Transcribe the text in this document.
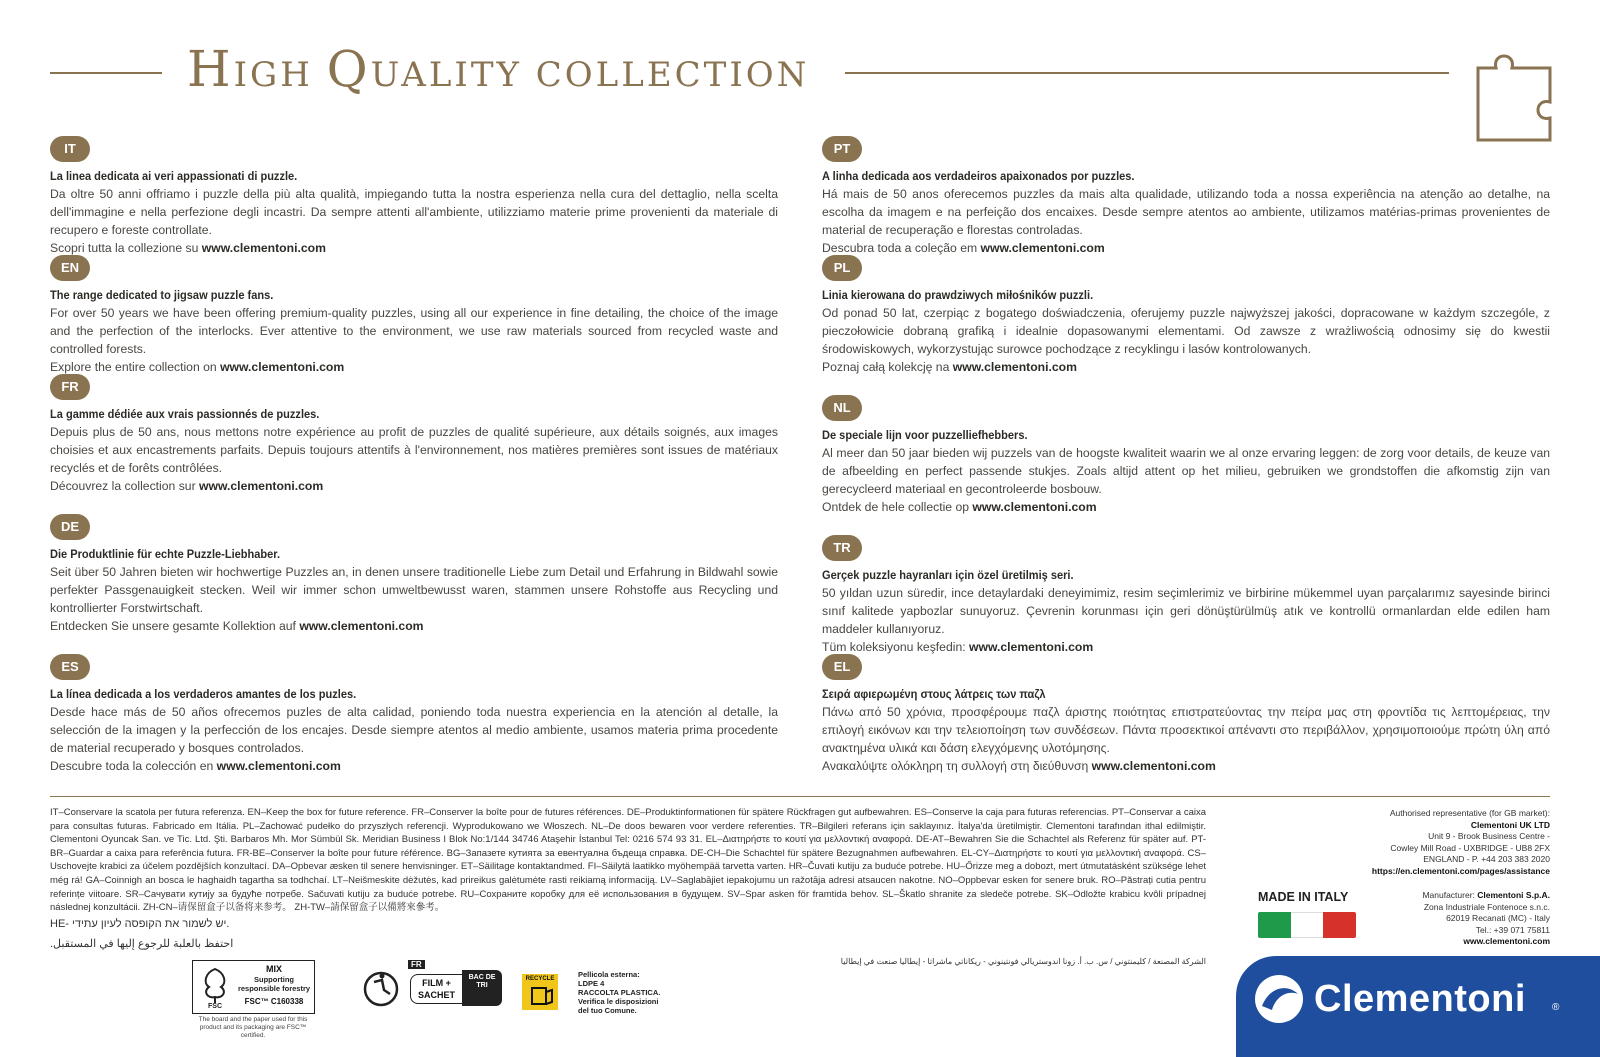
HIGH QUALITY COLLECTION
IT
La linea dedicata ai veri appassionati di puzzle.
Da oltre 50 anni offriamo i puzzle della più alta qualità, impiegando tutta la nostra esperienza nella cura del dettaglio, nella scelta dell'immagine e nella perfezione degli incastri. Da sempre attenti all'ambiente, utilizziamo materie prime provenienti da materiale di recupero e foreste controllate.
Scopri tutta la collezione su www.clementoni.com
EN
The range dedicated to jigsaw puzzle fans.
For over 50 years we have been offering premium-quality puzzles, using all our experience in fine detailing, the choice of the image and the perfection of the interlocks. Ever attentive to the environment, we use raw materials sourced from recycled waste and controlled forests.
Explore the entire collection on www.clementoni.com
FR
La gamme dédiée aux vrais passionnés de puzzles.
Depuis plus de 50 ans, nous mettons notre expérience au profit de puzzles de qualité supérieure, aux détails soignés, aux images choisies et aux encastrements parfaits. Depuis toujours attentifs à l'environnement, nos matières premières sont issues de matériaux recyclés et de forêts contrôlées.
Découvrez la collection sur www.clementoni.com
DE
Die Produktlinie für echte Puzzle-Liebhaber.
Seit über 50 Jahren bieten wir hochwertige Puzzles an, in denen unsere traditionelle Liebe zum Detail und Erfahrung in Bildwahl sowie perfekter Passgenauigkeit stecken. Weil wir immer schon umweltbewusst waren, stammen unsere Rohstoffe aus Recycling und kontrollierter Forstwirtschaft.
Entdecken Sie unsere gesamte Kollektion auf www.clementoni.com
ES
La línea dedicada a los verdaderos amantes de los puzles.
Desde hace más de 50 años ofrecemos puzles de alta calidad, poniendo toda nuestra experiencia en la atención al detalle, la selección de la imagen y la perfección de los encajes. Desde siempre atentos al medio ambiente, usamos materia prima procedente de material recuperado y bosques controlados.
Descubre toda la colección en www.clementoni.com
PT
A linha dedicada aos verdadeiros apaixonados por puzzles.
Há mais de 50 anos oferecemos puzzles da mais alta qualidade, utilizando toda a nossa experiência na atenção ao detalhe, na escolha da imagem e na perfeição dos encaixes. Desde sempre atentos ao ambiente, utilizamos matérias-primas provenientes de material de recuperação e florestas controladas.
Descubra toda a coleção em www.clementoni.com
PL
Linia kierowana do prawdziwych miłośników puzzli.
Od ponad 50 lat, czerpiąc z bogatego doświadczenia, oferujemy puzzle najwyższej jakości, dopracowane w każdym szczególe, z pieczołowicie dobraną grafiką i idealnie dopasowanymi elementami. Od zawsze z wrażliwością odnosimy się do kwestii środowiskowych, wykorzystując surowce pochodzące z recyklingu i lasów kontrolowanych.
Poznaj całą kolekcję na www.clementoni.com
NL
De speciale lijn voor puzzelliefhebbers.
Al meer dan 50 jaar bieden wij puzzels van de hoogste kwaliteit waarin we al onze ervaring leggen: de zorg voor details, de keuze van de afbeelding en perfect passende stukjes. Zoals altijd attent op het milieu, gebruiken we grondstoffen die afkomstig zijn van gerecycleerd materiaal en gecontroleerde bosbouw.
Ontdek de hele collectie op www.clementoni.com
TR
Gerçek puzzle hayranları için özel üretilmiş seri.
50 yıldan uzun süredir, ince detaylardaki deneyimimiz, resim seçimlerimiz ve birbirine mükemmel uyan parçalarımız sayesinde birinci sınıf kalitede yapbozlar sunuyoruz. Çevrenin korunması için geri dönüştürülmüş atık ve kontrollü ormanlardan elde edilen ham maddeler kullanıyoruz.
Tüm koleksiyonu keşfedin: www.clementoni.com
EL
Σειρά αφιερωμένη στους λάτρεις των παζλ
Πάνω από 50 χρόνια, προσφέρουμε παζλ άριστης ποιότητας επιστρατεύοντας την πείρα μας στη φροντίδα τις λεπτομέρειας, την επιλογή εικόνων και την τελειοποίηση των συνδέσεων. Πάντα προσεκτικοί απέναντι στο περιβάλλον, χρησιμοποιούμε πρώτη ύλη από ανακτημένα υλικά και δάση ελεγχόμενης υλοτόμησης.
Ανακαλύψτε ολόκληρη τη συλλογή στη διεύθυνση www.clementoni.com
IT–Conservare la scatola per futura referenza. EN–Keep the box for future reference. FR–Conserver la boîte pour de futures références. DE–Produktinformationen für spätere Rückfragen gut aufbewahren. ES–Conserve la caja para futuras referencias. PT–Conservar a caixa para consultas futuras. Fabricado em Itália. PL–Zachować pudełko do przyszłych referencji. Wyprodukowano we Włoszech. NL–De doos bewaren voor verdere referenties. TR–Bilgileri referans için saklayınız. İtalya'da üretilmiştir. Clementoni tarafından ithal edilmiştir. Clementoni Oyuncak San. ve Tic. Ltd. Şti. Barbaros Mh. Mor Sümbül Sk. Meridian Business I Blok No:1/144 34746 Ataşehir İstanbul Tel: 0216 574 93 31. EL–Διατηρήστε το κουτί για μελλοντική αναφορά. DE-AT–Bewahren Sie die Schachtel als Referenz für später auf. PT-BR–Guardar a caixa para referência futura. FR-BE–Conserver la boîte pour future référence. BG–Запазете кутията за евентуална бъдеща справка. DE-CH–Die Schachtel für spätere Bezugnahmen aufbewahren. EL-CY–Διατηρήστε το κουτί για μελλοντική αναφορά. CS–Uschovejte krabici za účelem pozdějších konzultací. DA–Opbevar æsken til senere henvisninger. ET–Säilitage kontaktandmed. FI–Säilytä laatikko myöhempää tarvetta varten. HR–Čuvati kutiju za buduće potrebe. HU–Őrizze meg a dobozt, mert útmutatásként szüksége lehet még rá! GA–Coinnigh an bosca le haghaidh tagartha sa todhchaí. LT–Neišmeskite dėžutės, kad prireikus galėtumėte rasti reikiamą informaciją. LV–Saglabājiet iepakojumu un ražotāja adresi atsaucen nakotne. NO–Oppbevar esken for senere bruk. RO–Păstrați cutia pentru referințe viitoare. SR–Сачувати кутију за будуће потребе. Sačuvati kutiju za buduće potrebe. RU–Сохраните коробку для её использования в будущем. SV–Spar asken för framtida behov. SL–Škatlo shranite za sledeče potrebe. SK–Odložte krabicu kvôli prípadnej následnej konzultácii. ZH-CN–请保留盒子以备将来参考。 ZH-TW–請保留盒子以備將來參考。
HE- יש לשמור את הקופסה לעיון עתידי.
احتفظ بالعلبة للرجوع إليها في المستقبل.
الشركة المصنعة / كليمنتوني / س. ب. أ. زونا اندوستريالي فونتينوني - ريكاناتي ماشراتا - إيطاليا صنعت في إيطاليا
Authorised representative (for GB market):
Clementoni UK LTD
Unit 9 - Brook Business Centre -
Cowley Mill Road - UXBRIDGE - UB8 2FX
ENGLAND - P. +44 203 383 2020
https://en.clementoni.com/pages/assistance
Manufacturer: Clementoni S.p.A.
Zona Industriale Fontenoce s.n.c.
62019 Recanati (MC) - Italy
Tel.: +39 071 75811
www.clementoni.com
MADE IN ITALY
FSC
MIX
Supporting responsible forestry
FSC™ C160338
The board and the paper used for this product and its packaging are FSC™ certified.
FR
FILM + SACHET
BAC DE TRI
RECYCLE	Pellicola esterna:
LDPE 4
RACCOLTA PLASTICA.
Verifica le disposizioni
del tuo Comune.	Clementoni	®
